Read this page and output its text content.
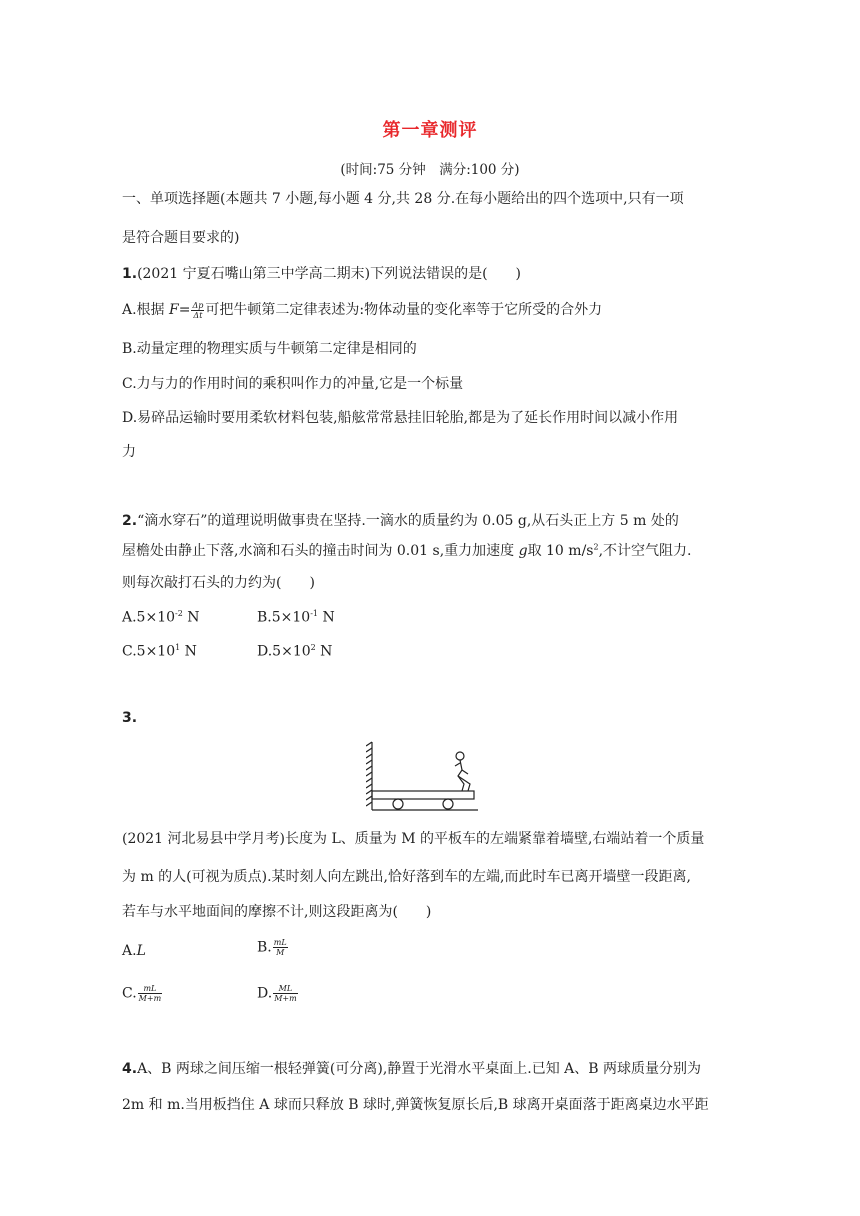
第一章测评
(时间:75 分钟　满分:100 分)
一、单项选择题(本题共 7 小题,每小题 4 分,共 28 分.在每小题给出的四个选项中,只有一项
是符合题目要求的)
1.(2021 宁夏石嘴山第三中学高二期末)下列说法错误的是(　　)
A.根据 $F= \frac{\Delta p}{\Delta t}$ 可把牛顿第二定律表述为:物体动量的变化率等于它所受的合外力
B.动量定理的物理实质与牛顿第二定律是相同的
C.力与力的作用时间的乘积叫作力的冲量,它是一个标量
D.易碎品运输时要用柔软材料包装,船舷常常悬挂旧轮胎,都是为了延长作用时间以减小作用
力
2.“滴水穿石”的道理说明做事贵在坚持.一滴水的质量约为 0.05 g,从石头正上方 5 m 处的
屋檐处由静止下落,水滴和石头的撞击时间为 0.01 s,重力加速度 g取 10 $m/s^2$,不计空气阻力.
则每次敲打石头的力约为(　　)
$A.5\times 10^{-2}$ N	$B.5\times 10^{-1}$ N
$C.5\times 10^1$ N	$D.5\times 10^2$ N
3.
(2021 河北易县中学月考)长度为 L、质量为 M 的平板车的左端紧靠着墙壁,右端站着一个质量
为 m 的人(可视为质点).某时刻人向左跳出,恰好落到车的左端,而此时车已离开墙壁一段距离,
若车与水平地面间的摩擦不计,则这段距离为(　　)
A.L	B. $\frac{mL}{M}$
C. $\frac{mL}{M+m}$	D. $\frac{ML}{M+m}$
4.A、B 两球之间压缩一根轻弹簧(可分离),静置于光滑水平桌面上.已知 A、B 两球质量分别为
2m 和 m.当用板挡住 A 球而只释放 B 球时,弹簧恢复原长后,B 球离开桌面落于距离桌边水平距
